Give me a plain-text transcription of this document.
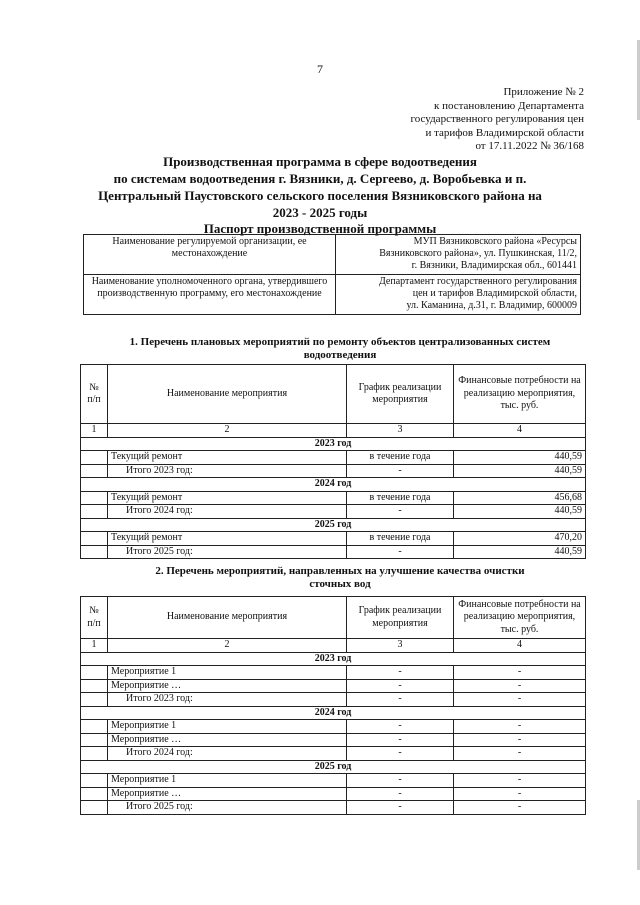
7
Приложение № 2
к постановлению Департамента
государственного регулирования цен
и тарифов Владимирской области
от 17.11.2022 № 36/168
Производственная программа в сфере водоотведения
по системам водоотведения г. Вязники, д. Сергеево, д. Воробьевка и п.
Центральный Паустовского сельского поселения Вязниковского района на
2023 - 2025 годы
Паспорт производственной программы
Наименование регулируемой организации, ее местонахождение	МУП Вязниковского района «Ресурсы
Вязниковского района», ул. Пушкинская, 11/2,
г. Вязники, Владимирская обл., 601441

Наименование уполномоченного органа, утвердившего производственную программу, его местонахождение	Департамент государственного регулирования
цен и тарифов Владимирской области,
ул. Каманина, д.31, г. Владимир, 600009
1. Перечень плановых мероприятий по ремонту объектов централизованных систем
водоотведения
№ п/п	Наименование мероприятия	График реализации мероприятия	Финансовые потребности на реализацию мероприятия, тыс. руб.
1	2	3	4
2023 год			
	Текущий ремонт	в течение года	440,59
	Итого 2023 год:	-	440,59
2024 год			
	Текущий ремонт	в течение года	456,68
	Итого 2024 год:	-	440,59
2025 год			
	Текущий ремонт	в течение года	470,20
	Итого 2025 год:	-	440,59
2. Перечень мероприятий, направленных на улучшение качества очистки
сточных вод
№ п/п	Наименование мероприятия	График реализации мероприятия	Финансовые потребности на реализацию мероприятия, тыс. руб.
1	2	3	4
2023 год			
	Мероприятие 1	-	-
	Мероприятие …	-	-
	Итого 2023 год:	-	-
2024 год			
	Мероприятие 1	-	-
	Мероприятие …	-	-
	Итого 2024 год:	-	-
2025 год			
	Мероприятие 1	-	-
	Мероприятие …	-	-
	Итого 2025 год:	-	-
